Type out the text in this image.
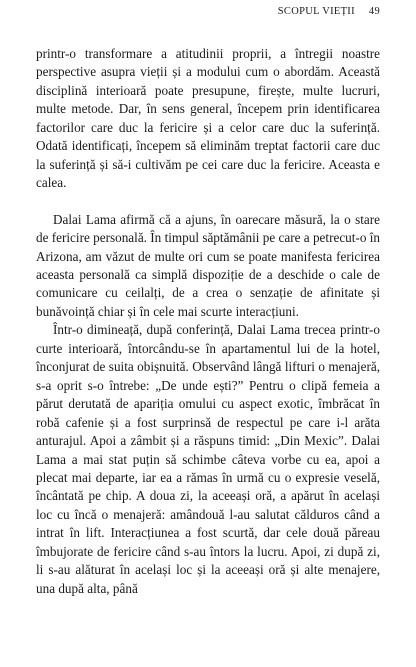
SCOPUL VIEȚII 49

printr-o transformare a atitudinii proprii, a întregii noastre perspective asupra vieții și a modului cum o abordăm. Această disciplină interioară poate presupune, firește, multe lucruri, multe metode. Dar, în sens general, începem prin identificarea factorilor care duc la fericire și a celor care duc la suferință. Odată identificați, începem să eliminăm treptat factorii care duc la suferință și să-i cultivăm pe cei care duc la fericire. Aceasta e calea.

Dalai Lama afirmă că a ajuns, în oarecare măsură, la o stare de fericire personală. În timpul săptămânii pe care a petrecut-o în Arizona, am văzut de multe ori cum se poate manifesta fericirea aceasta personală ca simplă dispoziție de a deschide o cale de comunicare cu ceilalți, de a crea o senzație de afinitate și bunăvoință chiar și în cele mai scurte interacțiuni.

Într-o dimineață, după conferință, Dalai Lama trecea printr-o curte interioară, întorcându-se în apartamentul lui de la hotel, înconjurat de suita obișnuită. Observând lângă lifturi o menajeră, s-a oprit s-o întrebe: „De unde ești?” Pentru o clipă femeia a părut derutată de apariția omului cu aspect exotic, îmbrăcat în robă cafenie și a fost surprinsă de respectul pe care i-l arăta anturajul. Apoi a zâmbit și a răspuns timid: „Din Mexic”. Dalai Lama a mai stat puțin să schimbe câteva vorbe cu ea, apoi a plecat mai departe, iar ea a rămas în urmă cu o expresie veselă, încântată pe chip. A doua zi, la aceeași oră, a apărut în același loc cu încă o menajeră: amândouă l-au salutat călduros când a intrat în lift. Interacțiunea a fost scurtă, dar cele două păreau îmbujorate de fericire când s-au întors la lucru. Apoi, zi după zi, li s-au alăturat în același loc și la aceeași oră și alte menajere, una după alta, până
